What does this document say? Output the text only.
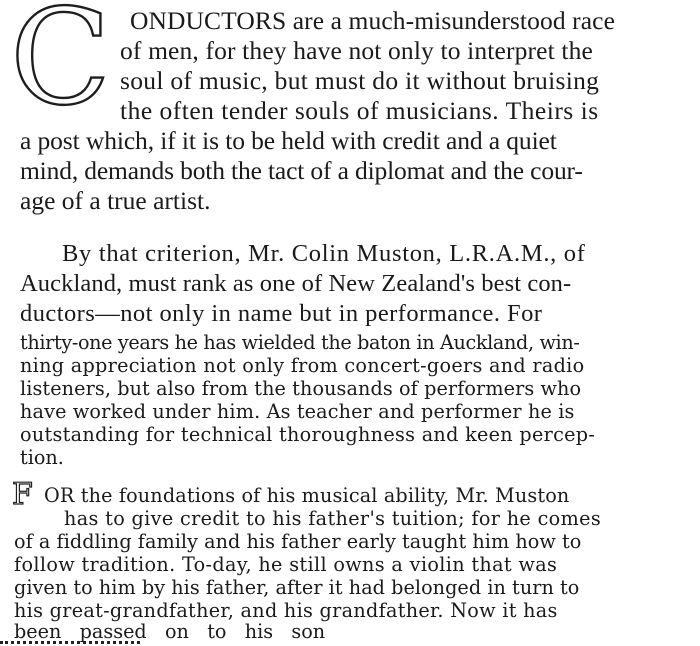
C ONDUCTORS are a much-misunderstood race
of men, for they have not only to interpret the
soul of music, but must do it without bruising
the often tender souls of musicians. Theirs is
a post which, if it is to be held with credit and a quiet
mind, demands both the tact of a diplomat and the cour-
age of a true artist.
By that criterion, Mr. Colin Muston, L.R.A.M., of
Auckland, must rank as one of New Zealand's best con-
ductors—not only in name but in performance. For
thirty-one years he has wielded the baton in Auckland, win-
ning appreciation not only from concert-goers and radio
listeners, but also from the thousands of performers who
have worked under him. As teacher and performer he is
outstanding for technical thoroughness and keen percep-
tion.
F OR the foundations of his musical ability, Mr. Muston
has to give credit to his father's tuition; for he comes
of a fiddling family and his father early taught him how to
follow tradition. To-day, he still owns a violin that was
given to him by his father, after it had belonged in turn to
his great-grandfather, and his grandfather. Now it has
been   passed   on   to   his   son
